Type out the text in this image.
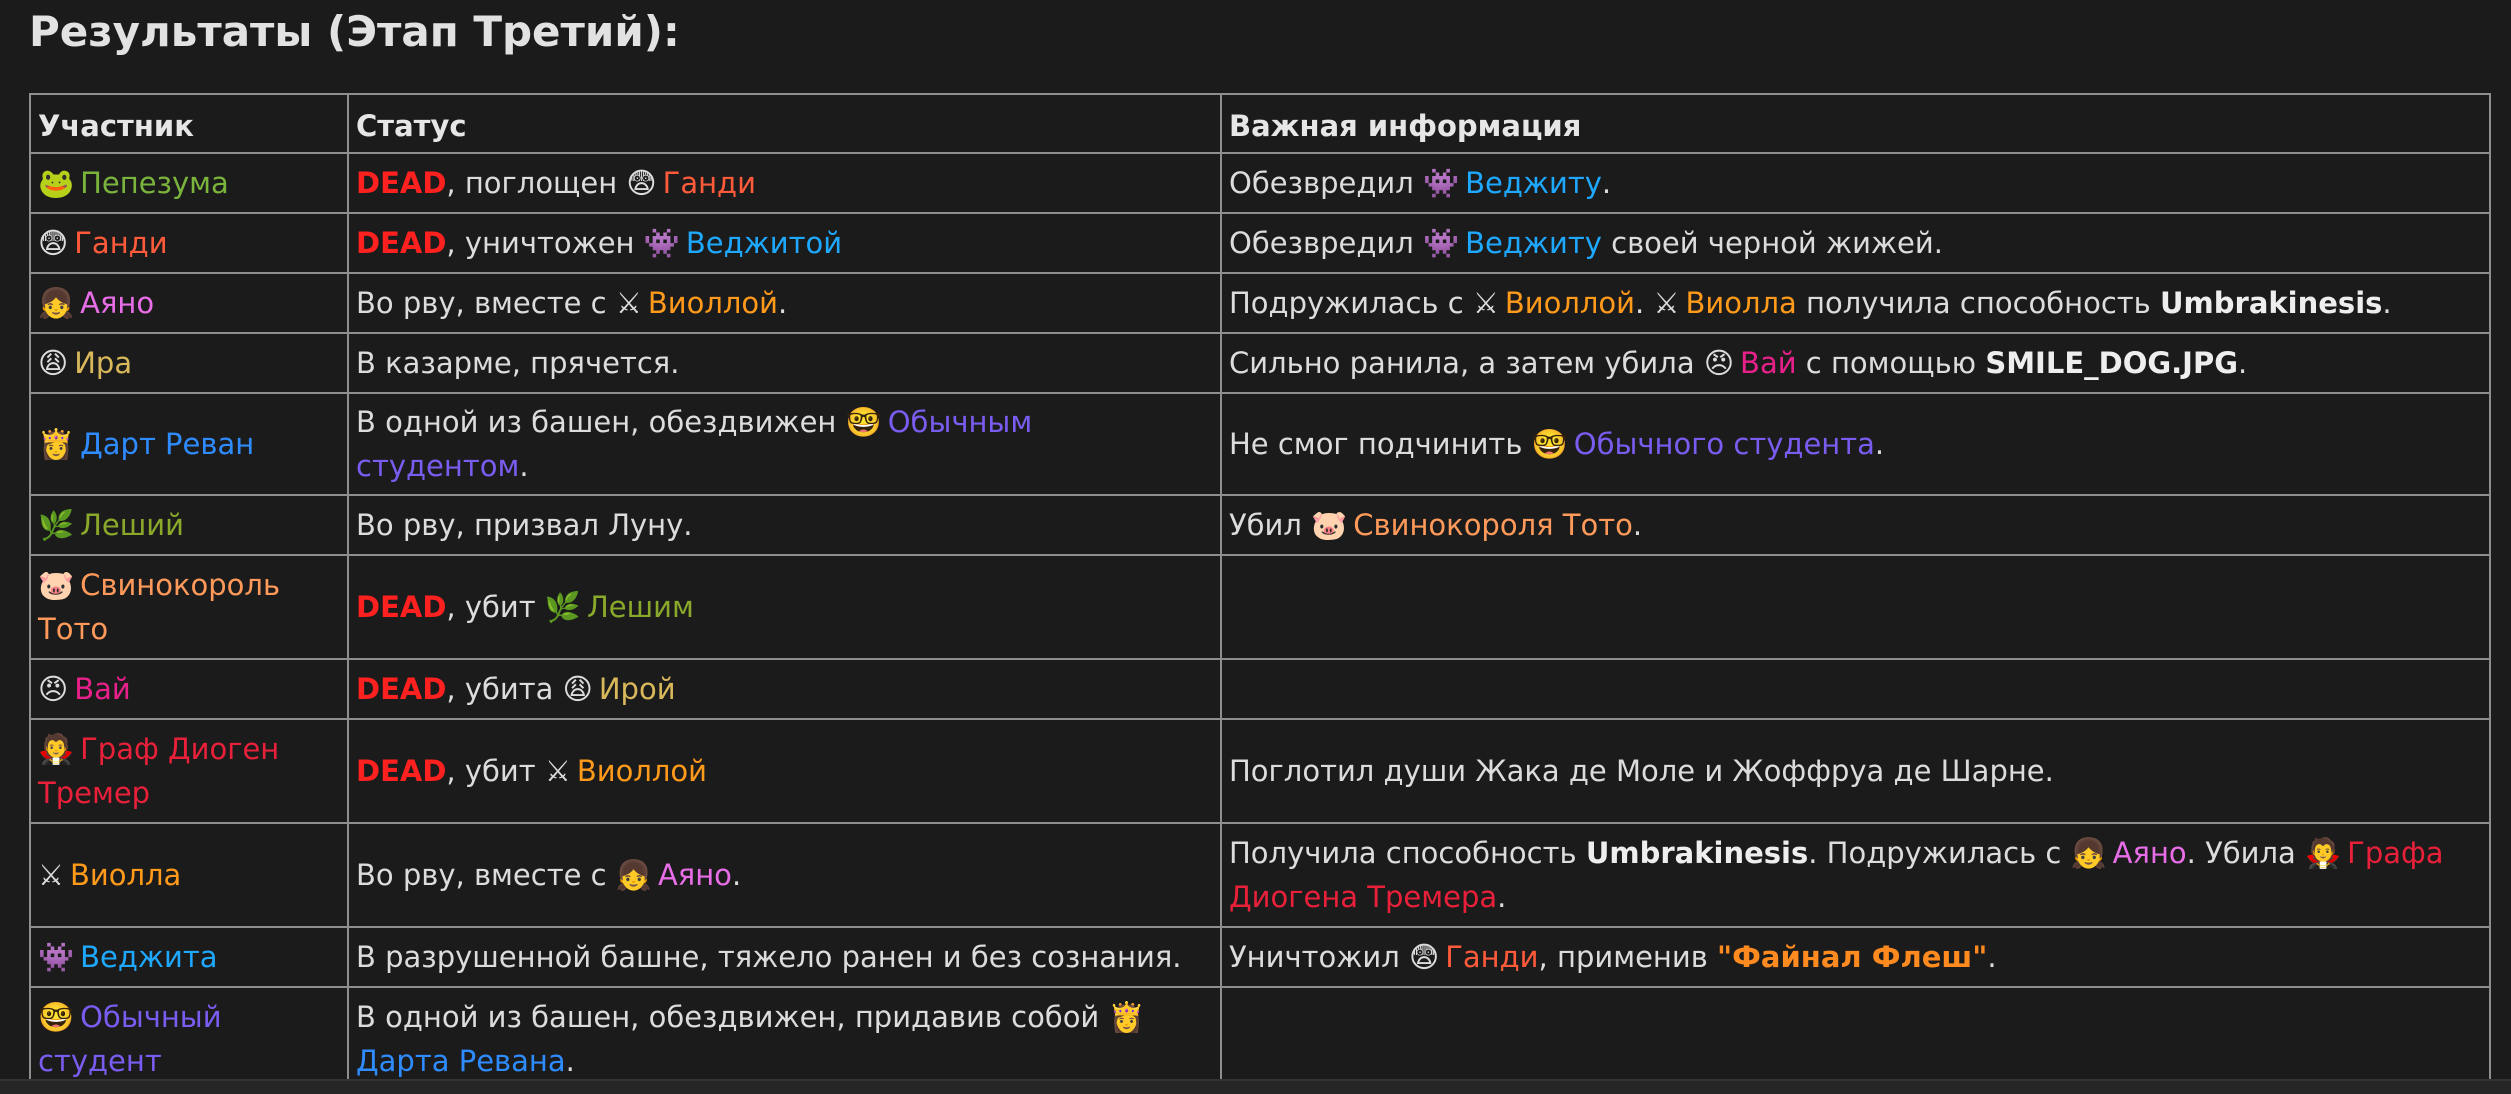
Результаты (Этап Третий):
Участник	Статус	Важная информация
🐸 Пепезума	DEAD, поглощен 😨 Ганди	Обезвредил 👾 Веджиту.
😨 Ганди	DEAD, уничтожен 👾 Веджитой	Обезвредил 👾 Веджиту своей черной жижей.
👧 Аяно	Во рву, вместе с ⚔ Виоллой.	Подружилась с ⚔ Виоллой. ⚔ Виолла получила способность Umbrakinesis.
😩 Ира	В казарме, прячется.	Сильно ранила, а затем убила 😠 Вай с помощью SMILE_DOG.JPG.
👸 Дарт Реван	В одной из башен, обездвижен 🤓 Обычным студентом.	Не смог подчинить 🤓 Обычного студента.
🌿 Леший	Во рву, призвал Луну.	Убил 🐷 Свинокороля Тото.
🐷 Свинокороль Тото	DEAD, убит 🌿 Лешим	
😠 Вай	DEAD, убита 😩 Ирой	
🧛 Граф Диоген Тремер	DEAD, убит ⚔ Виоллой	Поглотил души Жака де Моле и Жоффруа де Шарне.
⚔ Виолла	Во рву, вместе с 👧 Аяно.	Получила способность Umbrakinesis. Подружилась с 👧 Аяно. Убила 🧛 Графа Диогена Тремера.
👾 Веджита	В разрушенной башне, тяжело ранен и без сознания.	Уничтожил 😨 Ганди, применив "Файнал Флеш".
🤓 Обычный студент	В одной из башен, обездвижен, придавив собой 👸Дарта Ревана.	
